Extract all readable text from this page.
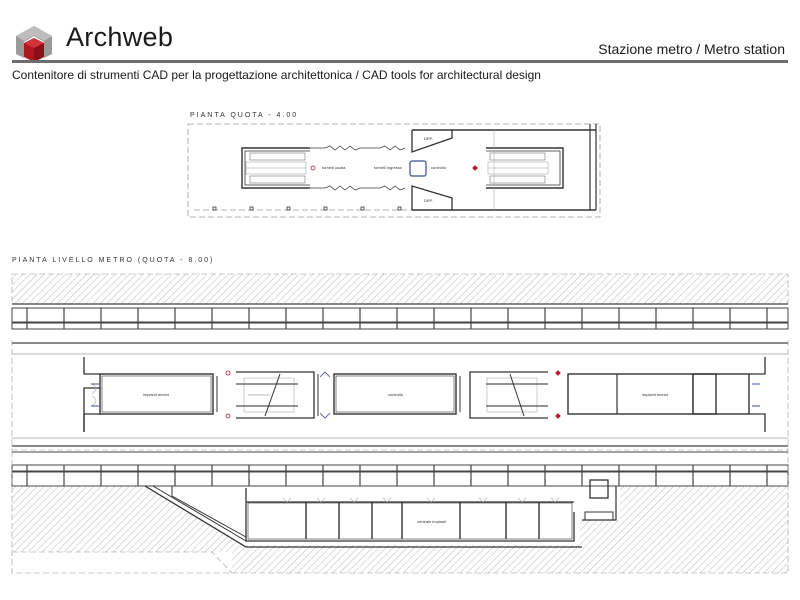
Archweb	Stazione metro / Metro station
Contenitore di strumenti CAD per la progettazione architettonica / CAD tools for architectural design
PIANTA QUOTA - 4.00
tornelli uscita	tornelli ingresso	controllo
DEP.
DEP.
PIANTA LIVELLO METRO (QUOTA - 8.00)
impianti tecnici	controllo	impianti tecnici
centrale impianti
